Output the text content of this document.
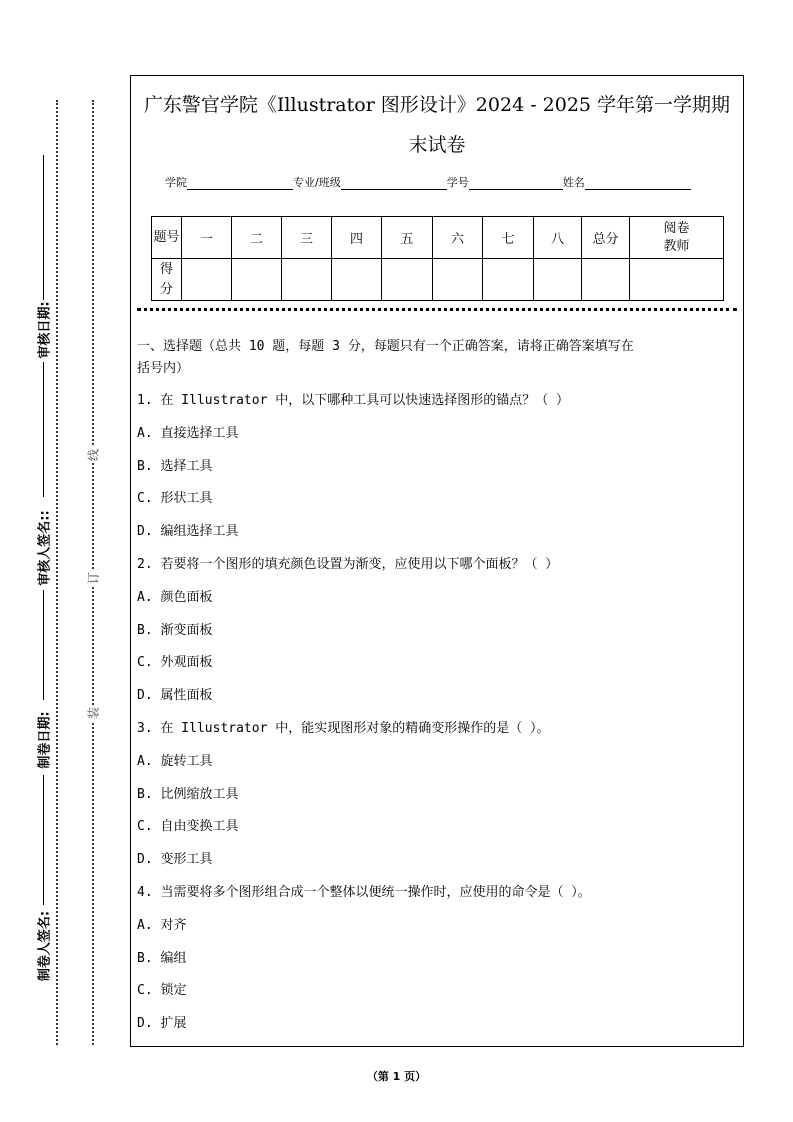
审核日期:
审核人签名::
制卷日期:
制卷人签名:
线
订
装
广东警官学院《Illustrator 图形设计》2024 - 2025 学年第一学期期
末试卷
学院	专业/班级	学号	姓名
题号	一	二	三	四	五	六	七	八	总分	阅卷教师
得分										
一、选择题（总共 10 题，每题 3 分，每题只有一个正确答案，请将正确答案填写在
括号内）
1. 在 Illustrator 中，以下哪种工具可以快速选择图形的锚点？（ ）
A. 直接选择工具
B. 选择工具
C. 形状工具
D. 编组选择工具
2. 若要将一个图形的填充颜色设置为渐变，应使用以下哪个面板？（ ）
A. 颜色面板
B. 渐变面板
C. 外观面板
D. 属性面板
3. 在 Illustrator 中，能实现图形对象的精确变形操作的是（ ）。
A. 旋转工具
B. 比例缩放工具
C. 自由变换工具
D. 变形工具
4. 当需要将多个图形组合成一个整体以便统一操作时，应使用的命令是（ ）。
A. 对齐
B. 编组
C. 锁定
D. 扩展
（第 1 页）
